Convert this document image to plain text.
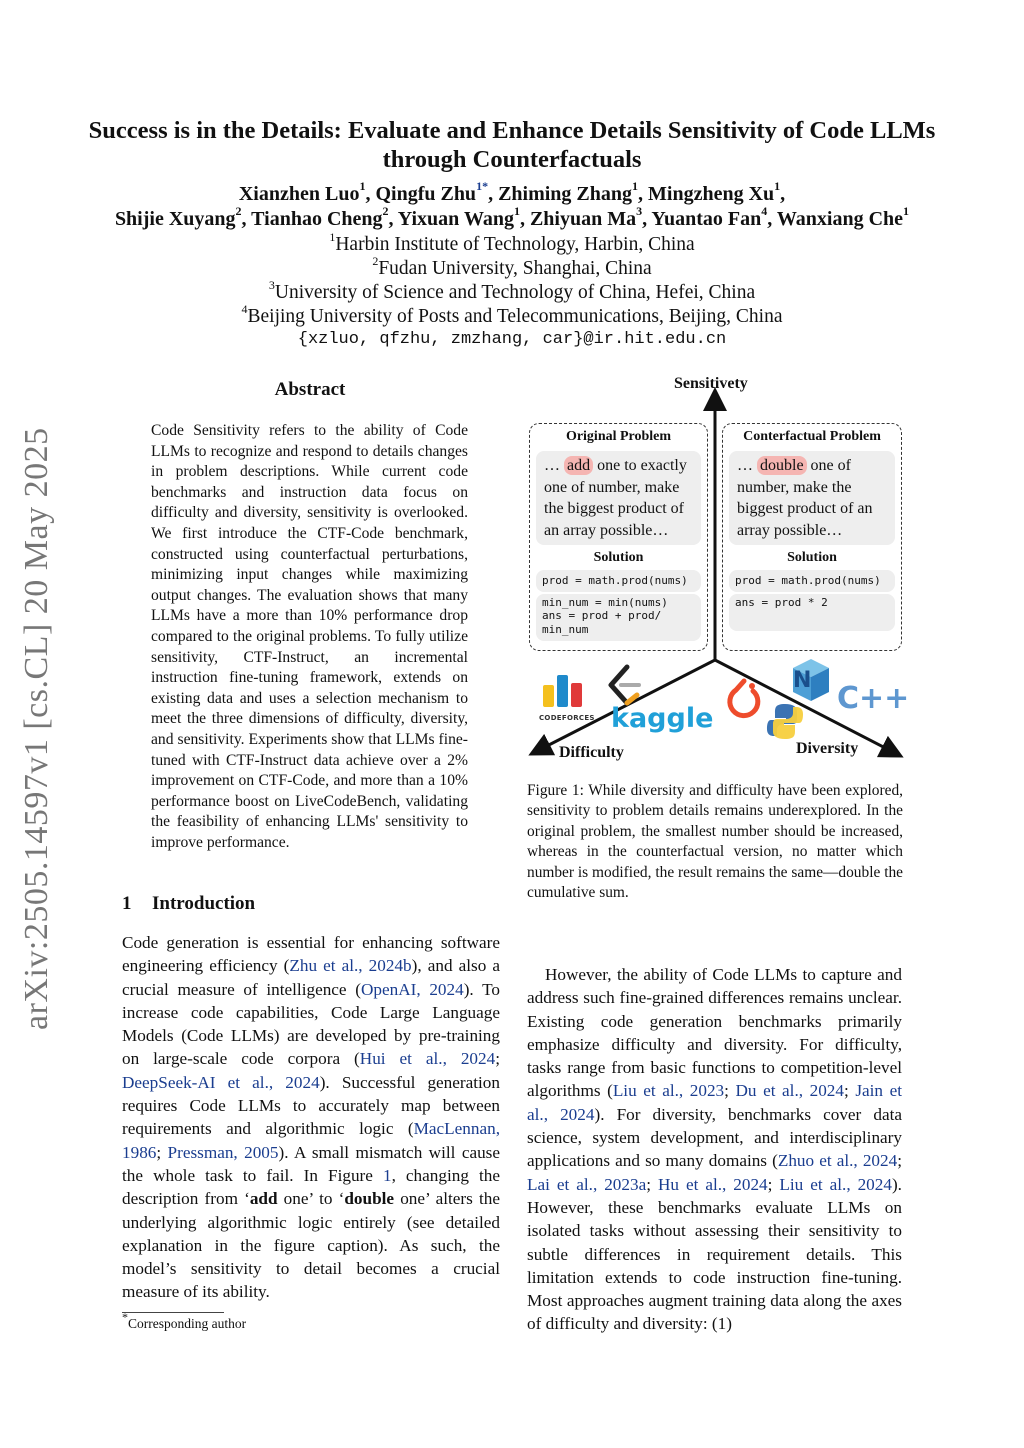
arXiv:2505.14597v1 [cs.CL] 20 May 2025
Success is in the Details: Evaluate and Enhance Details Sensitivity of Code LLMs through Counterfactuals
Xianzhen Luo$^1$, Qingfu Zhu$^{1*}$, Zhiming Zhang$^1$, Mingzheng Xu$^1$,
Shijie Xuyang$^2$, Tianhao Cheng$^2$, Yixuan Wang$^1$, Zhiyuan Ma$^3$, Yuantao Fan$^4$, Wanxiang Che$^1$
$^1$Harbin Institute of Technology, Harbin, China
$^2$Fudan University, Shanghai, China
$^3$University of Science and Technology of China, Hefei, China
$^4$Beijing University of Posts and Telecommunications, Beijing, China
{xzluo, qfzhu, zmzhang, car}@ir.hit.edu.cn
Abstract
Code Sensitivity refers to the ability of Code LLMs to recognize and respond to details changes in problem descriptions. While current code benchmarks and instruction data focus on difficulty and diversity, sensitivity is overlooked. We first introduce the CTF-Code benchmark, constructed using counterfactual perturbations, minimizing input changes while maximizing output changes. The evaluation shows that many LLMs have a more than 10% performance drop compared to the original problems. To fully utilize sensitivity, CTF-Instruct, an incremental instruction fine-tuning framework, extends on existing data and uses a selection mechanism to meet the three dimensions of difficulty, diversity, and sensitivity. Experiments show that LLMs fine-tuned with CTF-Instruct data achieve over a 2% improvement on CTF-Code, and more than a 10% performance boost on LiveCodeBench, validating the feasibility of enhancing LLMs' sensitivity to improve performance.
1 Introduction
Code generation is essential for enhancing software engineering efficiency (Zhu et al., 2024b), and also a crucial measure of intelligence (OpenAI, 2024). To increase code capabilities, Code Large Language Models (Code LLMs) are developed by pre-training on large-scale code corpora (Hui et al., 2024; DeepSeek-AI et al., 2024). Successful generation requires Code LLMs to accurately map between requirements and algorithmic logic (MacLennan, 1986; Pressman, 2005). A small mismatch will cause the whole task to fail. In Figure 1, changing the description from ‘add one’ to ‘double one’ alters the underlying algorithmic logic entirely (see detailed explanation in the figure caption). As such, the model’s sensitivity to detail becomes a crucial measure of its ability.
*Corresponding author
Sensitivety
Difficulty	Diversity
Original Problem
… add one to exactly one of number, make the biggest product of an array possible…
Solution
prod = math.prod(nums)
min_num = min(nums)
ans = prod + prod/
min_num
Conterfactual Problem
… double one of number, make the biggest product of an array possible…
Solution
prod = math.prod(nums)
ans = prod * 2
CODEFORCES kaggle
N
C++
Figure 1: While diversity and difficulty have been explored, sensitivity to problem details remains underexplored. In the original problem, the smallest number should be increased, whereas in the counterfactual version, no matter which number is modified, the result remains the same—double the cumulative sum.
However, the ability of Code LLMs to capture and address such fine-grained differences remains unclear. Existing code generation benchmarks primarily emphasize difficulty and diversity. For difficulty, tasks range from basic functions to competition-level algorithms (Liu et al., 2023; Du et al., 2024; Jain et al., 2024). For diversity, benchmarks cover data science, system development, and interdisciplinary applications and so many domains (Zhuo et al., 2024; Lai et al., 2023a; Hu et al., 2024; Liu et al., 2024). However, these benchmarks evaluate LLMs on isolated tasks without assessing their sensitivity to subtle differences in requirement details. This limitation extends to code instruction fine-tuning. Most approaches augment training data along the axes of difficulty and diversity: (1)
